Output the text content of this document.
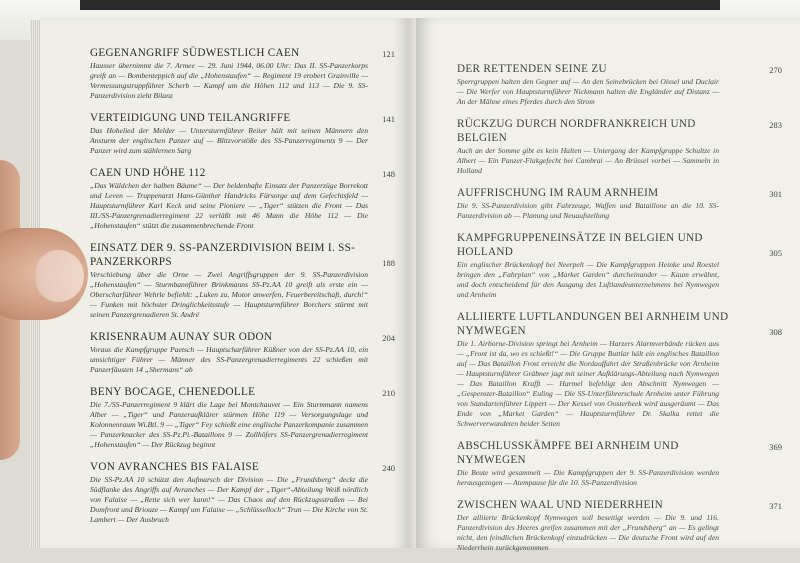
GEGENANGRIFF SÜDWESTLICH CAEN
Hausser übernimmt die 7. Armee — 29. Juni 1944, 06.00 Uhr: Das II. SS-Panzerkorps greift an — Bombenteppich auf die „Hohenstaufen“ — Regiment 19 erobert Grainville — Vermessungstruppführer Scherb — Kampf um die Höhen 112 und 113 — Die 9. SS-Panzerdivision zieht Bilanz
121
VERTEIDIGUNG UND TEILANGRIFFE
Das Hohelied der Melder — Untersturmführer Reiter hält mit seinen Männern den Ansturm der englischen Panzer auf — Blitzvorstöße des SS-Panzerregiments 9 — Der Panzer wird zum stählernen Sarg
141
CAEN UND HÖHE 112
„Das Wäldchen der halben Bäume“ — Der heldenhafte Einsatz der Panzerzüge Borrekott und Leven — Truppenarzt Hans-Günther Handricks Fürsorge auf dem Gefechtsfeld — Hauptsturmführer Karl Keck und seine Pioniere — „Tiger“ stützen die Front — Das III./SS-Panzergrenadierregiment 22 verläßt mit 46 Mann die Höhe 112 — Die „Hohenstaufen“ stützt die zusammenbrechende Front
148
EINSATZ DER 9. SS-PANZERDIVISION BEIM I. SS-PANZERKORPS
Verschiebung über die Orne — Zwei Angriffsgruppen der 9. SS-Panzerdivision „Hohenstaufen“ — Sturmbannführer Brinkmanns SS-Pz.AA 10 greift als erste ein — Oberscharführer Wehrle befiehlt: „Luken zu, Motor anwerfen, Feuerbereitschaft, durch!“ — Funken mit höchster Dringlichkeitsstufe — Hauptsturmführer Borchers stürmt mit seinen Panzergrenadieren St. André
188
KRISENRAUM AUNAY SUR ODON
Voraus die Kampfgruppe Paetsch — Hauptscharführer Küßner von der SS-Pz.AA 10, ein umsichtiger Führer — Männer des SS-Panzergrenadierregiments 22 schießen mit Panzerfäusten 14 „Shermans“ ab
204
BENY BOCAGE, CHENEDOLLE
Die 7./SS-Panzerregiment 9 klärt die Lage bei Montchauvet — Ein Sturmmann namens Alber — „Tiger“ und Panzeraufklärer stürmen Höhe 119 — Versorgungslage und Kolonnenraum Wi.Btl. 9 — „Tiger“ Fey schießt eine englische Panzerkompanie zusammen — Panzerknacker des SS-Pz.Pi.-Bataillons 9 — Zollhöfers SS-Panzergrenadierregiment „Hohenstaufen“ — Der Rückzug beginnt
210
VON AVRANCHES BIS FALAISE
Die SS-Pz.AA 10 schützt den Aufmarsch der Division — Die „Frundsberg“ deckt die Südflanke des Angriffs auf Avranches — Der Kampf der „Tiger“-Abteilung Weiß nördlich von Falaise — „Rette sich wer kann!“ — Das Chaos auf den Rückzugsstraßen — Bei Domfront und Briouze — Kampf um Falaise — „Schlüsselloch“ Trun — Die Kirche von St. Lambert — Der Ausbruch
240
DER RETTENDEN SEINE ZU
Sperrgruppen halten den Gegner auf — An den Seinebrücken bei Oissel und Duclair — Die Werfer von Hauptsturmführer Nickmann halten die Engländer auf Distanz — An der Mähne eines Pferdes durch den Strom
270
RÜCKZUG DURCH NORDFRANKREICH UND BELGIEN
Auch an der Somme gibt es kein Halten — Untergang der Kampfgruppe Schultze in Albert — Ein Panzer-Flakgefecht bei Cambrai — An Brüssel vorbei — Sammeln in Holland
283
AUFFRISCHUNG IM RAUM ARNHEIM
Die 9. SS-Panzerdivision gibt Fahrzeuge, Waffen und Bataillone an die 10. SS-Panzerdivision ab — Planung und Neuaufstellung
301
KAMPFGRUPPENEINSÄTZE IN BELGIEN UND HOLLAND
Ein englischer Brückenkopf bei Neerpelt — Die Kampfgruppen Heinke und Roestel bringen den „Fahrplan“ von „Market Garden“ durcheinander — Kaum erwähnt, und doch entscheidend für den Ausgang des Luftlandeunternehmens bei Nymwegen und Arnheim
305
ALLIIERTE LUFTLANDUNGEN BEI ARNHEIM UND NYMWEGEN
Die 1. Airborne-Division springt bei Arnheim — Harzers Alarmverbände rücken aus — „Front ist da, wo es schießt!“ — Die Gruppe Buttlar hält ein englisches Bataillon auf — Das Bataillon Frost erreicht die Nordauffahrt der Straßenbrücke von Arnheim — Hauptsturmführer Gräbner jagt mit seiner Aufklärungs-Abteilung nach Nymwegen — Das Bataillon Krafft — Harmel befehligt den Abschnitt Nymwegen — „Gespenster-Bataillon“ Euling — Die SS-Unterführerschule Arnheim unter Führung von Standartenführer Lippert — Der Kessel von Oosterbeek wird ausgeräumt — Das Ende von „Market Garden“ — Hauptsturmführer Dr. Skalka rettet die Schwerverwundeten beider Seiten
308
ABSCHLUSSKÄMPFE BEI ARNHEIM UND NYMWEGEN
Die Beute wird gesammelt — Die Kampfgruppen der 9. SS-Panzerdivision werden herausgezogen — Atempause für die 10. SS-Panzerdivision
369
ZWISCHEN WAAL UND NIEDERRHEIN
Der alliierte Brückenkopf Nymwegen soll beseitigt werden — Die 9. und 116. Panzerdivision des Heeres greifen zusammen mit der „Frundsberg“ an — Es gelingt nicht, den feindlichen Brückenkopf einzudrücken — Die deutsche Front wird auf den Niederrhein zurückgenommen
371
